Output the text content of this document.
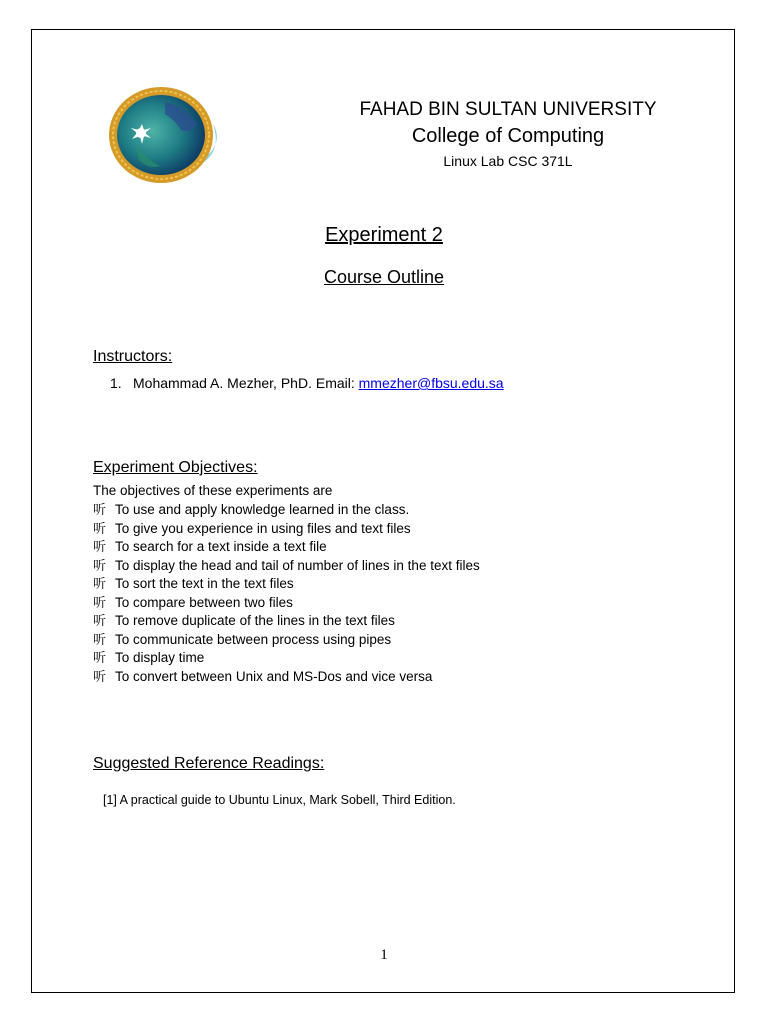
FAHAD BIN SULTAN UNIVERSITY
College of Computing
Linux Lab CSC 371L
Experiment 2
Course Outline
Instructors:
1. Mohammad A. Mezher, PhD. Email: mmezher@fbsu.edu.sa
Experiment Objectives:
The objectives of these experiments are
听 To use and apply knowledge learned in the class.
听 To give you experience in using files and text files
听 To search for a text inside a text file
听 To display the head and tail of number of lines in the text files
听 To sort the text in the text files
听 To compare between two files
听 To remove duplicate of the lines in the text files
听 To communicate between process using pipes
听 To display time
听 To convert between Unix and MS-Dos and vice versa
Suggested Reference Readings:
[1] A practical guide to Ubuntu Linux, Mark Sobell, Third Edition.
1
